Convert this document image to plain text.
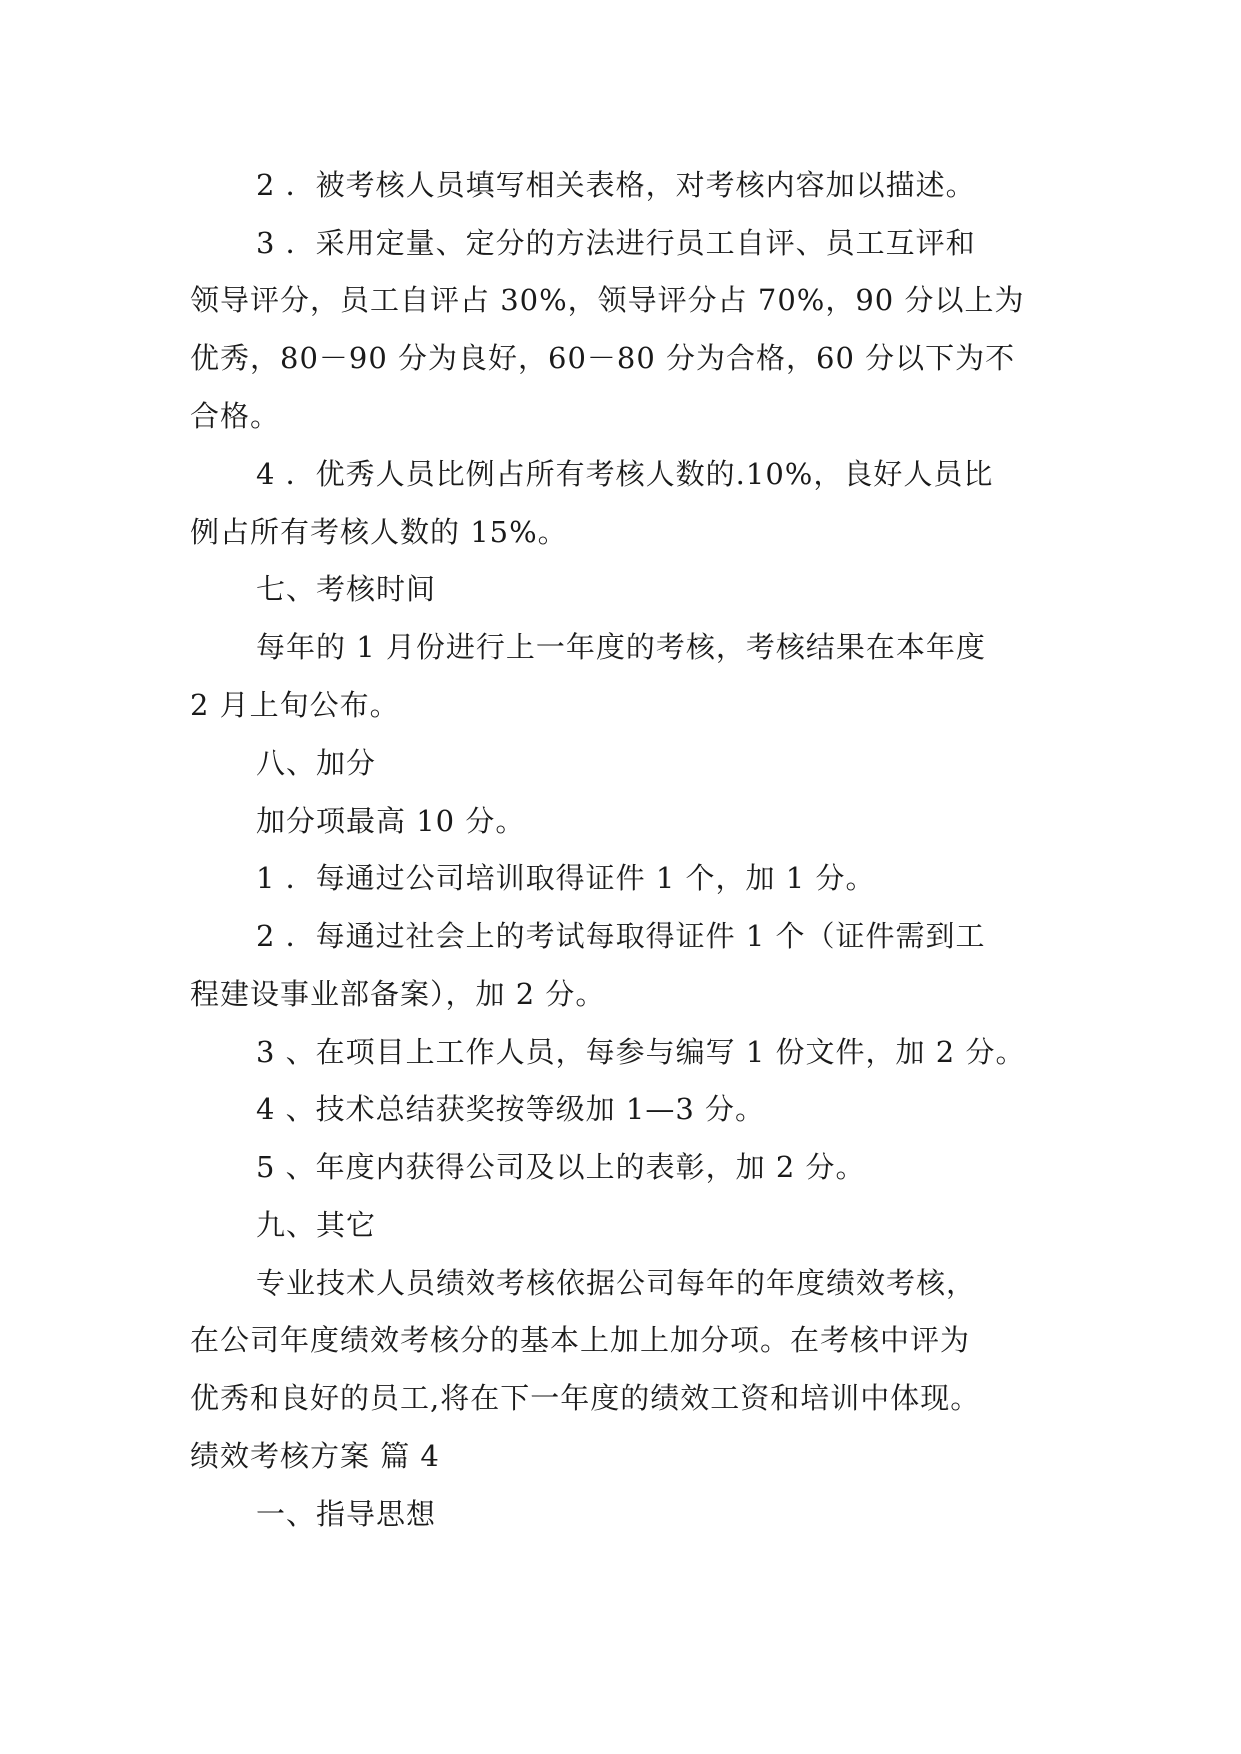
2 ．被考核人员填写相关表格，对考核内容加以描述。
3 ．采用定量、定分的方法进行员工自评、员工互评和
领导评分，员工自评占 30%，领导评分占 70%，90 分以上为
优秀，80－90 分为良好，60－80 分为合格，60 分以下为不
合格。
4 ．优秀人员比例占所有考核人数的.10%，良好人员比
例占所有考核人数的 15%。
七、考核时间
每年的 1 月份进行上一年度的考核，考核结果在本年度
2 月上旬公布。
八、加分
加分项最高 10 分。
1 ．每通过公司培训取得证件 1 个，加 1 分。
2 ．每通过社会上的考试每取得证件 1 个（证件需到工
程建设事业部备案），加 2 分。
3 、在项目上工作人员，每参与编写 1 份文件，加 2 分。
4 、技术总结获奖按等级加 1—3 分。
5 、年度内获得公司及以上的表彰，加 2 分。
九、其它
专业技术人员绩效考核依据公司每年的年度绩效考核，
在公司年度绩效考核分的基本上加上加分项。在考核中评为
优秀和良好的员工,将在下一年度的绩效工资和培训中体现。
绩效考核方案 篇 4
一、指导思想
